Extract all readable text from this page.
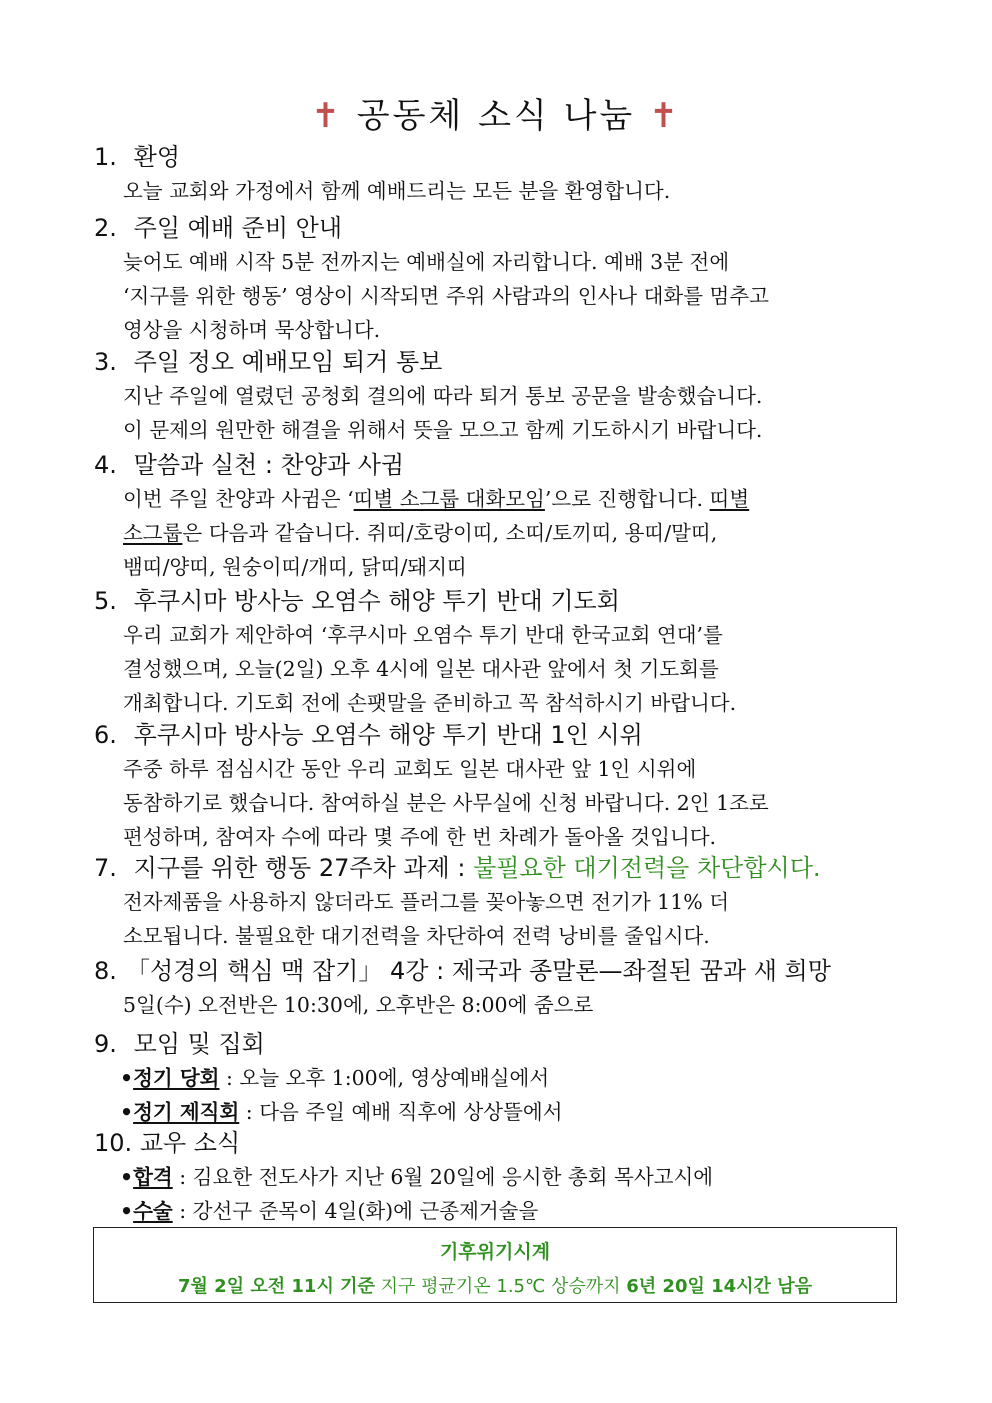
✝ 공동체 소식 나눔 ✝
1. 환영
오늘 교회와 가정에서 함께 예배드리는 모든 분을 환영합니다.
2. 주일 예배 준비 안내
늦어도 예배 시작 5분 전까지는 예배실에 자리합니다. 예배 3분 전에
‘지구를 위한 행동’ 영상이 시작되면 주위 사람과의 인사나 대화를 멈추고
영상을 시청하며 묵상합니다.
3. 주일 정오 예배모임 퇴거 통보
지난 주일에 열렸던 공청회 결의에 따라 퇴거 통보 공문을 발송했습니다.
이 문제의 원만한 해결을 위해서 뜻을 모으고 함께 기도하시기 바랍니다.
4. 말씀과 실천 : 찬양과 사귐
이번 주일 찬양과 사귐은 ‘띠별 소그룹 대화모임’으로 진행합니다. 띠별
소그룹은 다음과 같습니다. 쥐띠/호랑이띠, 소띠/토끼띠, 용띠/말띠,
뱀띠/양띠, 원숭이띠/개띠, 닭띠/돼지띠
5. 후쿠시마 방사능 오염수 해양 투기 반대 기도회
우리 교회가 제안하여 ‘후쿠시마 오염수 투기 반대 한국교회 연대’를
결성했으며, 오늘(2일) 오후 4시에 일본 대사관 앞에서 첫 기도회를
개최합니다. 기도회 전에 손팻말을 준비하고 꼭 참석하시기 바랍니다.
6. 후쿠시마 방사능 오염수 해양 투기 반대 1인 시위
주중 하루 점심시간 동안 우리 교회도 일본 대사관 앞 1인 시위에
동참하기로 했습니다. 참여하실 분은 사무실에 신청 바랍니다. 2인 1조로
편성하며, 참여자 수에 따라 몇 주에 한 번 차례가 돌아올 것입니다.
7. 지구를 위한 행동 27주차 과제 : 불필요한 대기전력을 차단합시다.
전자제품을 사용하지 않더라도 플러그를 꽂아놓으면 전기가 11% 더
소모됩니다. 불필요한 대기전력을 차단하여 전력 낭비를 줄입시다.
8. 「성경의 핵심 맥 잡기」 4강 : 제국과 종말론—좌절된 꿈과 새 희망
5일(수) 오전반은 10:30에, 오후반은 8:00에 줌으로
9. 모임 및 집회
•정기 당회 : 오늘 오후 1:00에, 영상예배실에서
•정기 제직회 : 다음 주일 예배 직후에 상상뜰에서
10. 교우 소식
•합격 : 김요한 전도사가 지난 6월 20일에 응시한 총회 목사고시에
•수술 : 강선구 준목이 4일(화)에 근종제거술을
기후위기시계
7월 2일 오전 11시 기준 지구 평균기온 1.5℃ 상승까지 6년 20일 14시간 남음
